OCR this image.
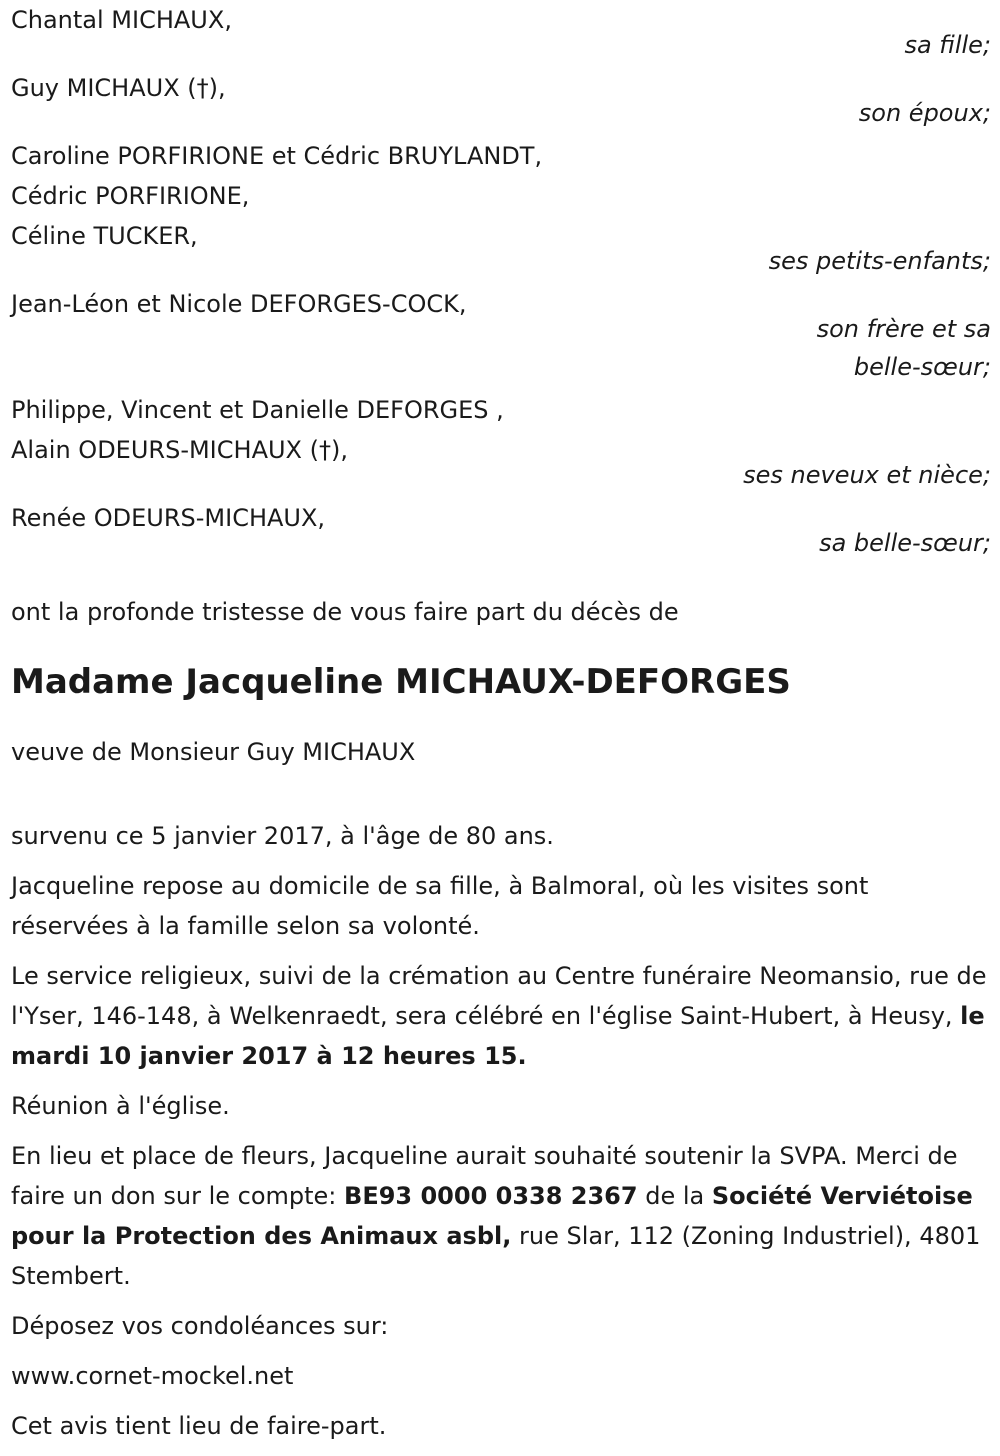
Chantal MICHAUX,
sa fille;
Guy MICHAUX (†),
son époux;
Caroline PORFIRIONE et Cédric BRUYLANDT,
Cédric PORFIRIONE,
Céline TUCKER,
ses petits-enfants;
Jean-Léon et Nicole DEFORGES-COCK,
son frère et sa
belle-sœur;
Philippe, Vincent et Danielle DEFORGES ,
Alain ODEURS-MICHAUX (†),
ses neveux et nièce;
Renée ODEURS-MICHAUX,
sa belle-sœur;

ont la profonde tristesse de vous faire part du décès de

Madame Jacqueline MICHAUX-DEFORGES

veuve de Monsieur Guy MICHAUX

survenu ce 5 janvier 2017, à l'âge de 80 ans.

Jacqueline repose au domicile de sa fille, à Balmoral, où les visites sont réservées à la famille selon sa volonté.

Le service religieux, suivi de la crémation au Centre funéraire Neomansio, rue de l'Yser, 146-148, à Welkenraedt, sera célébré en l'église Saint-Hubert, à Heusy, le mardi 10 janvier 2017 à 12 heures 15.

Réunion à l'église.

En lieu et place de fleurs, Jacqueline aurait souhaité soutenir la SVPA. Merci de faire un don sur le compte: BE93 0000 0338 2367 de la Société Verviétoise pour la Protection des Animaux asbl, rue Slar, 112 (Zoning Industriel), 4801 Stembert.

Déposez vos condoléances sur:

www.cornet-mockel.net

Cet avis tient lieu de faire-part.
